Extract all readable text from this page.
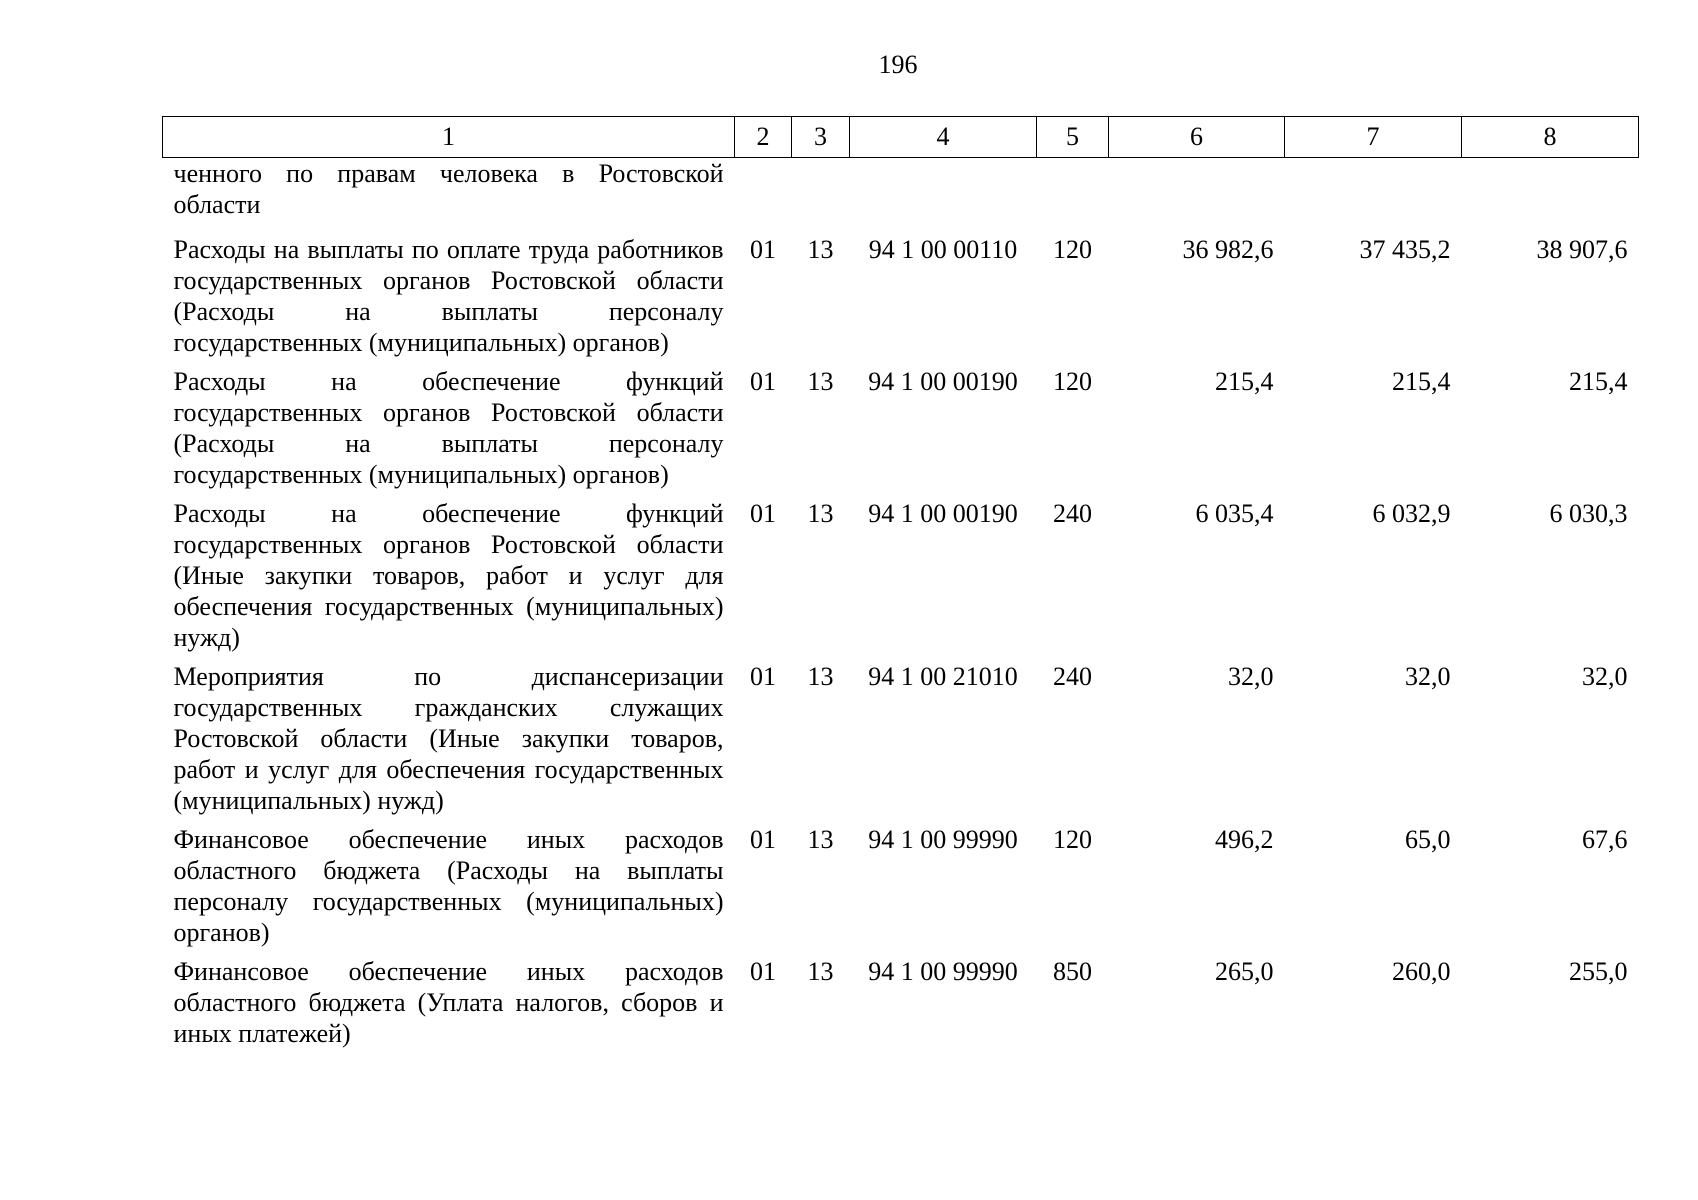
196
1	2	3	4	5	6	7	8
ченного по правам человека в Ростовской области							
Расходы на выплаты по оплате труда работников государственных органов Ростовской области (Расходы на выплаты персоналу государственных (муниципальных) органов)	01	13	94 1 00 00110	120	36 982,6	37 435,2	38 907,6
Расходы на обеспечение функций государственных органов Ростовской области (Расходы на выплаты персоналу государственных (муниципальных) органов)	01	13	94 1 00 00190	120	215,4	215,4	215,4
Расходы на обеспечение функций государственных органов Ростовской области (Иные закупки товаров, работ и услуг для обеспечения государственных (муниципальных) нужд)	01	13	94 1 00 00190	240	6 035,4	6 032,9	6 030,3
Мероприятия по диспансеризации государственных гражданских служащих Ростовской области (Иные закупки товаров, работ и услуг для обеспечения государственных (муниципальных) нужд)	01	13	94 1 00 21010	240	32,0	32,0	32,0
Финансовое обеспечение иных расходов областного бюджета (Расходы на выплаты персоналу государственных (муниципальных) органов)	01	13	94 1 00 99990	120	496,2	65,0	67,6
Финансовое обеспечение иных расходов областного бюджета (Уплата налогов, сборов и иных платежей)	01	13	94 1 00 99990	850	265,0	260,0	255,0
